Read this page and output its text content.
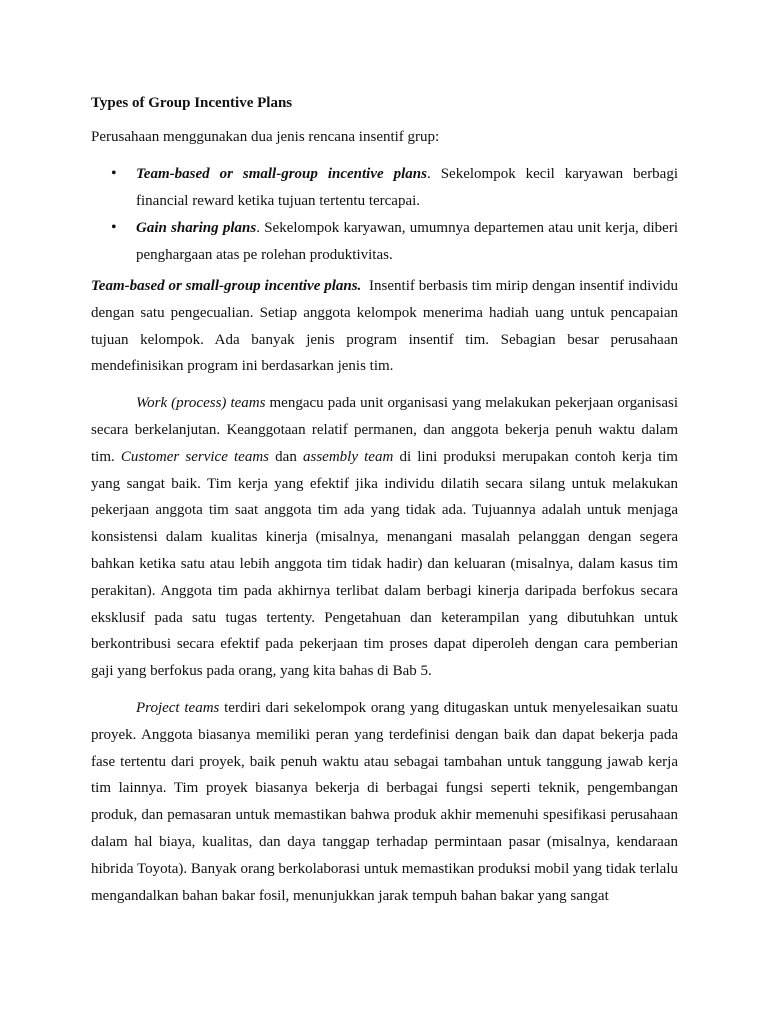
Types of Group Incentive Plans

Perusahaan menggunakan dua jenis rencana insentif grup:

• Team-based or small-group incentive plans. Sekelompok kecil karyawan berbagi financial reward ketika tujuan tertentu tercapai.
• Gain sharing plans. Sekelompok karyawan, umumnya departemen atau unit kerja, diberi penghargaan atas pe rolehan produktivitas.

Team-based or small-group incentive plans.  Insentif berbasis tim mirip dengan insentif individu dengan satu pengecualian. Setiap anggota kelompok menerima hadiah uang untuk pencapaian tujuan kelompok. Ada banyak jenis program insentif tim. Sebagian besar perusahaan mendefinisikan program ini berdasarkan jenis tim.

Work (process) teams mengacu pada unit organisasi yang melakukan pekerjaan organisasi secara berkelanjutan. Keanggotaan relatif permanen, dan anggota bekerja penuh waktu dalam tim. Customer service teams dan assembly team di lini produksi merupakan contoh kerja tim yang sangat baik. Tim kerja yang efektif jika individu dilatih secara silang untuk melakukan pekerjaan anggota tim saat anggota tim ada yang tidak ada. Tujuannya adalah untuk menjaga konsistensi dalam kualitas kinerja (misalnya, menangani masalah pelanggan dengan segera bahkan ketika satu atau lebih anggota tim tidak hadir) dan keluaran (misalnya, dalam kasus tim perakitan). Anggota tim pada akhirnya terlibat dalam berbagi kinerja daripada berfokus secara eksklusif pada satu tugas tertenty. Pengetahuan dan keterampilan yang dibutuhkan untuk berkontribusi secara efektif pada pekerjaan tim proses dapat diperoleh dengan cara pemberian gaji yang berfokus pada orang, yang kita bahas di Bab 5.

Project teams terdiri dari sekelompok orang yang ditugaskan untuk menyelesaikan suatu proyek. Anggota biasanya memiliki peran yang terdefinisi dengan baik dan dapat bekerja pada fase tertentu dari proyek, baik penuh waktu atau sebagai tambahan untuk tanggung jawab kerja tim lainnya. Tim proyek biasanya bekerja di berbagai fungsi seperti teknik, pengembangan produk, dan pemasaran untuk memastikan bahwa produk akhir memenuhi spesifikasi perusahaan dalam hal biaya, kualitas, dan daya tanggap terhadap permintaan pasar (misalnya, kendaraan hibrida Toyota). Banyak orang berkolaborasi untuk memastikan produksi mobil yang tidak terlalu mengandalkan bahan bakar fosil, menunjukkan jarak tempuh bahan bakar yang sangat
